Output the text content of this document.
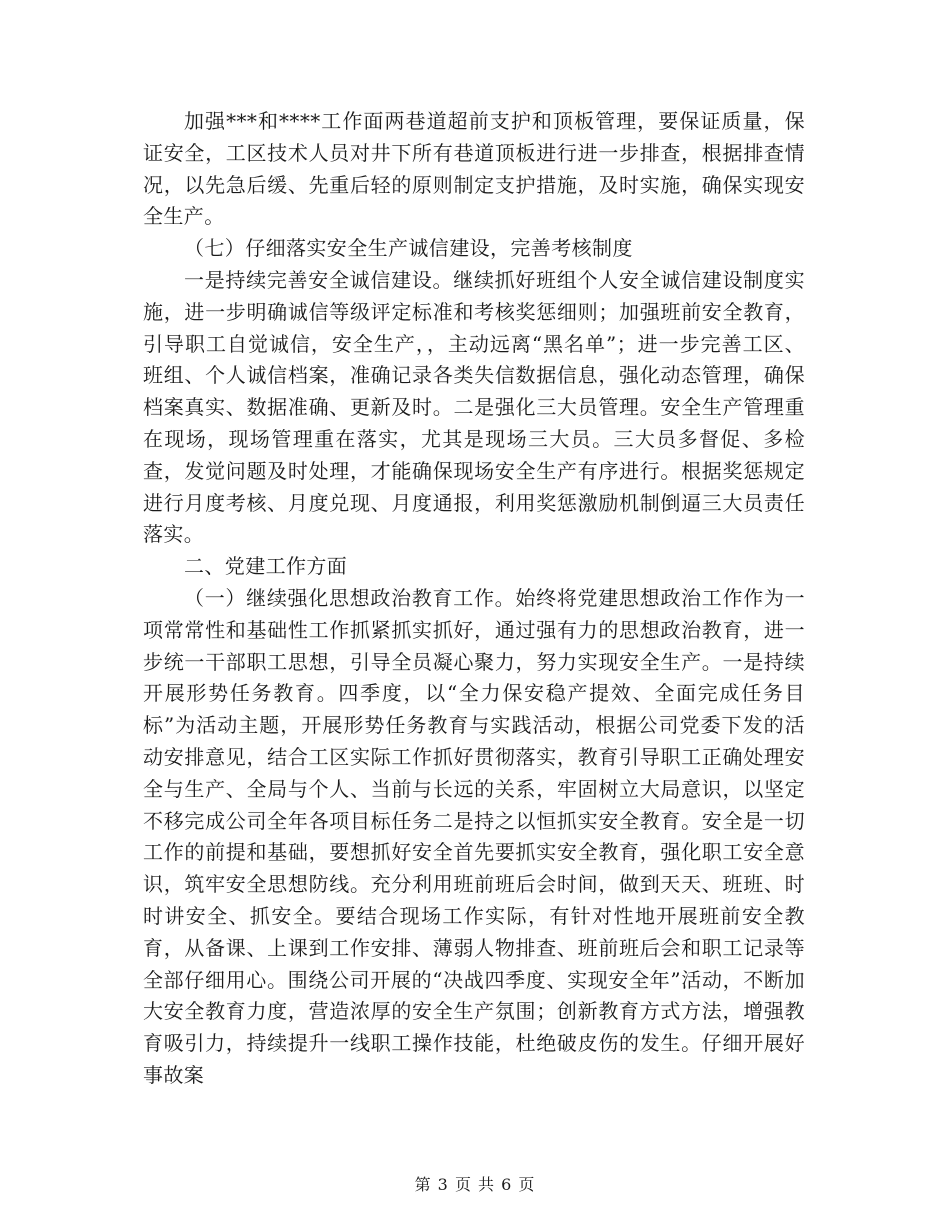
加强***和****工作面两巷道超前支护和顶板管理，要保证质量，保证安全，工区技术人员对井下所有巷道顶板进行进一步排查，根据排查情况，以先急后缓、先重后轻的原则制定支护措施，及时实施，确保实现安全生产。

（七）仔细落实安全生产诚信建设，完善考核制度

一是持续完善安全诚信建设。继续抓好班组个人安全诚信建设制度实施，进一步明确诚信等级评定标准和考核奖惩细则；加强班前安全教育，引导职工自觉诚信，安全生产，，主动远离“黑名单”；进一步完善工区、班组、个人诚信档案，准确记录各类失信数据信息，强化动态管理，确保档案真实、数据准确、更新及时。二是强化三大员管理。安全生产管理重在现场，现场管理重在落实，尤其是现场三大员。三大员多督促、多检查，发觉问题及时处理，才能确保现场安全生产有序进行。根据奖惩规定进行月度考核、月度兑现、月度通报，利用奖惩激励机制倒逼三大员责任落实。

二、党建工作方面

（一）继续强化思想政治教育工作。始终将党建思想政治工作作为一项常常性和基础性工作抓紧抓实抓好，通过强有力的思想政治教育，进一步统一干部职工思想，引导全员凝心聚力，努力实现安全生产。一是持续开展形势任务教育。四季度，以“全力保安稳产提效、全面完成任务目标”为活动主题，开展形势任务教育与实践活动，根据公司党委下发的活动安排意见，结合工区实际工作抓好贯彻落实，教育引导职工正确处理安全与生产、全局与个人、当前与长远的关系，牢固树立大局意识，以坚定不移完成公司全年各项目标任务二是持之以恒抓实安全教育。安全是一切工作的前提和基础，要想抓好安全首先要抓实安全教育，强化职工安全意识，筑牢安全思想防线。充分利用班前班后会时间，做到天天、班班、时时讲安全、抓安全。要结合现场工作实际，有针对性地开展班前安全教育，从备课、上课到工作安排、薄弱人物排查、班前班后会和职工记录等全部仔细用心。围绕公司开展的“决战四季度、实现安全年”活动，不断加大安全教育力度，营造浓厚的安全生产氛围；创新教育方式方法，增强教育吸引力，持续提升一线职工操作技能，杜绝破皮伤的发生。仔细开展好事故案

第 3 页 共 6 页
